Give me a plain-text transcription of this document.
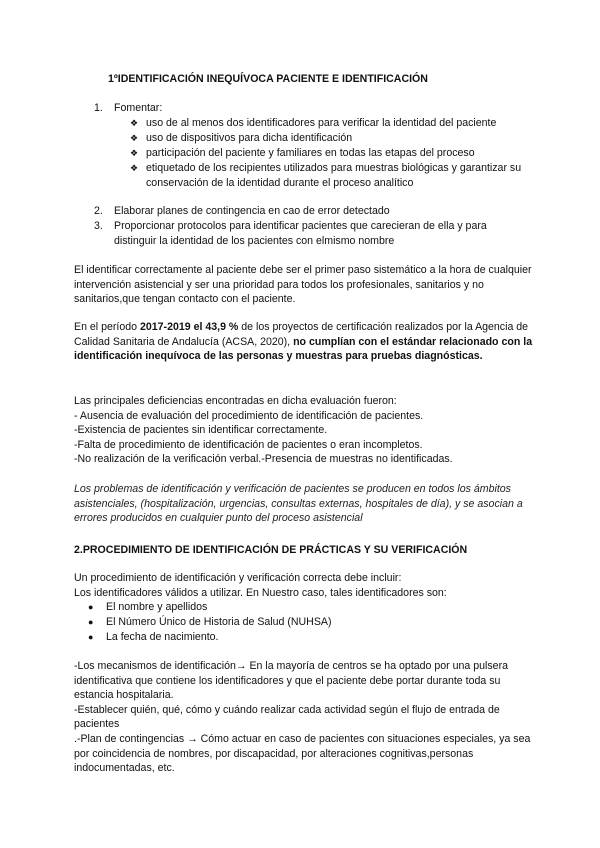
1ºIDENTIFICACIÓN INEQUÍVOCA PACIENTE E IDENTIFICACIÓN
1. Fomentar:
❖ uso de al menos dos identificadores para verificar la identidad del paciente
❖ uso de dispositivos para dicha identificación
❖ participación del paciente y familiares en todas las etapas del proceso
❖ etiquetado de los recipientes utilizados para muestras biológicas y garantizar su conservación de la identidad durante el proceso analítico
2. Elaborar planes de contingencia en cao de error detectado
3. Proporcionar protocolos para identificar pacientes que carecieran de ella y para distinguir la identidad de los pacientes con elmismo nombre

El identificar correctamente al paciente debe ser el primer paso sistemático a la hora de cualquier intervención asistencial y ser una prioridad para todos los profesionales, sanitarios y no sanitarios,que tengan contacto con el paciente.

En el período 2017-2019 el 43,9 % de los proyectos de certificación realizados por la Agencia de Calidad Sanitaria de Andalucía (ACSA, 2020), no cumplían con el estándar relacionado con la identificación inequívoca de las personas y muestras para pruebas diagnósticas.

Las principales deficiencias encontradas en dicha evaluación fueron:

- Ausencia de evaluación del procedimiento de identificación de pacientes.

-Existencia de pacientes sin identificar correctamente.

-Falta de procedimiento de identificación de pacientes o eran incompletos.

-No realización de la verificación verbal.-Presencia de muestras no identificadas.

Los problemas de identificación y verificación de pacientes se producen en todos los ámbitos asistenciales, (hospitalización, urgencias, consultas externas, hospitales de día), y se asocian a errores producidos en cualquier punto del proceso asistencial

2.PROCEDIMIENTO DE IDENTIFICACIÓN DE PRÁCTICAS Y SU VERIFICACIÓN

Un procedimiento de identificación y verificación correcta debe incluir:

Los identificadores válidos a utilizar. En Nuestro caso, tales identificadores son:

● El nombre y apellidos
● El Número Único de Historia de Salud (NUHSA)
● La fecha de nacimiento.

-Los mecanismos de identificación→ En la mayoría de centros se ha optado por una pulsera identificativa que contiene los identificadores y que el paciente debe portar durante toda su estancia hospitalaria.

-Establecer quién, qué, cómo y cuándo realizar cada actividad según el flujo de entrada de pacientes

.-Plan de contingencias → Cómo actuar en caso de pacientes con situaciones especiales, ya sea por coincidencia de nombres, por discapacidad, por alteraciones cognitivas,personas indocumentadas, etc.
